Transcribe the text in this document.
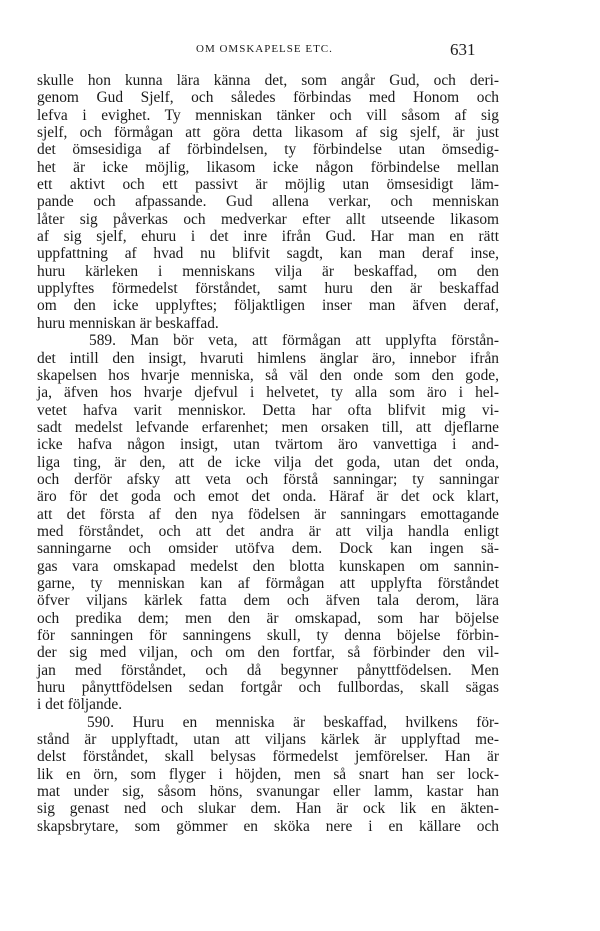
OM OMSKAPELSE ETC.	631
skulle hon kunna lära känna det, som angår Gud, och deri-
genom Gud Sjelf, och således förbindas med Honom och
lefva i evighet. Ty menniskan tänker och vill såsom af sig
sjelf, och förmågan att göra detta likasom af sig sjelf, är just
det ömsesidiga af förbindelsen, ty förbindelse utan ömsedig-
het är icke möjlig, likasom icke någon förbindelse mellan
ett aktivt och ett passivt är möjlig utan ömsesidigt läm-
pande och afpassande. Gud allena verkar, och menniskan
låter sig påverkas och medverkar efter allt utseende likasom
af sig sjelf, ehuru i det inre ifrån Gud. Har man en rätt
uppfattning af hvad nu blifvit sagdt, kan man deraf inse,
huru kärleken i menniskans vilja är beskaffad, om den
upplyftes förmedelst förståndet, samt huru den är beskaffad
om den icke upplyftes; följaktligen inser man äfven deraf,
huru menniskan är beskaffad.
589. Man bör veta, att förmågan att upplyfta förstån-
det intill den insigt, hvaruti himlens änglar äro, innebor ifrån
skapelsen hos hvarje menniska, så väl den onde som den gode,
ja, äfven hos hvarje djefvul i helvetet, ty alla som äro i hel-
vetet hafva varit menniskor. Detta har ofta blifvit mig vi-
sadt medelst lefvande erfarenhet; men orsaken till, att djeflarne
icke hafva någon insigt, utan tvärtom äro vanvettiga i and-
liga ting, är den, att de icke vilja det goda, utan det onda,
och derför afsky att veta och förstå sanningar; ty sanningar
äro för det goda och emot det onda. Häraf är det ock klart,
att det första af den nya födelsen är sanningars emottagande
med förståndet, och att det andra är att vilja handla enligt
sanningarne och omsider utöfva dem. Dock kan ingen sä-
gas vara omskapad medelst den blotta kunskapen om sannin-
garne, ty menniskan kan af förmågan att upplyfta förståndet
öfver viljans kärlek fatta dem och äfven tala derom, lära
och predika dem; men den är omskapad, som har böjelse
för sanningen för sanningens skull, ty denna böjelse förbin-
der sig med viljan, och om den fortfar, så förbinder den vil-
jan med förståndet, och då begynner pånyttfödelsen. Men
huru pånyttfödelsen sedan fortgår och fullbordas, skall sägas
i det följande.
590. Huru en menniska är beskaffad, hvilkens för-
stånd är upplyftadt, utan att viljans kärlek är upplyftad me-
delst förståndet, skall belysas förmedelst jemförelser. Han är
lik en örn, som flyger i höjden, men så snart han ser lock-
mat under sig, såsom höns, svanungar eller lamm, kastar han
sig genast ned och slukar dem. Han är ock lik en äkten-
skapsbrytare, som gömmer en sköka nere i en källare och
